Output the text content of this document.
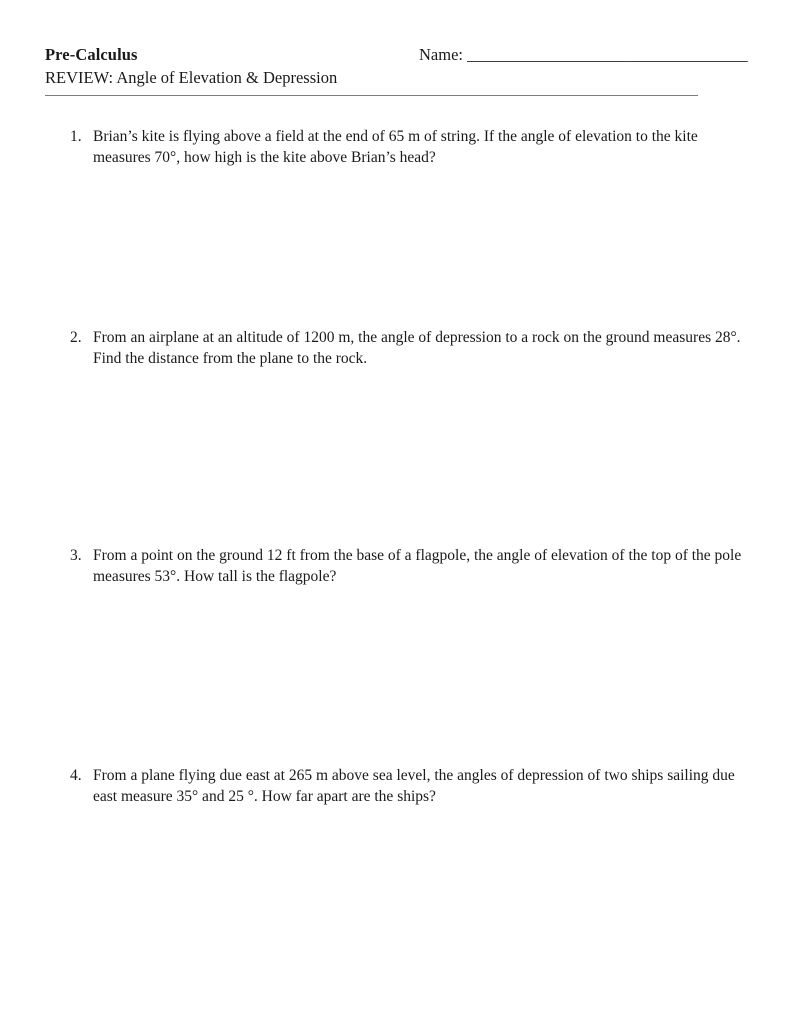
Pre-Calculus
REVIEW: Angle of Elevation & Depression
Name: __________________________________
1. Brian’s kite is flying above a field at the end of 65 m of string. If the angle of elevation to the kite measures 70°, how high is the kite above Brian’s head?
2. From an airplane at an altitude of 1200 m, the angle of depression to a rock on the ground measures 28°. Find the distance from the plane to the rock.
3. From a point on the ground 12 ft from the base of a flagpole, the angle of elevation of the top of the pole measures 53°. How tall is the flagpole?
4. From a plane flying due east at 265 m above sea level, the angles of depression of two ships sailing due east measure 35° and 25 °. How far apart are the ships?
